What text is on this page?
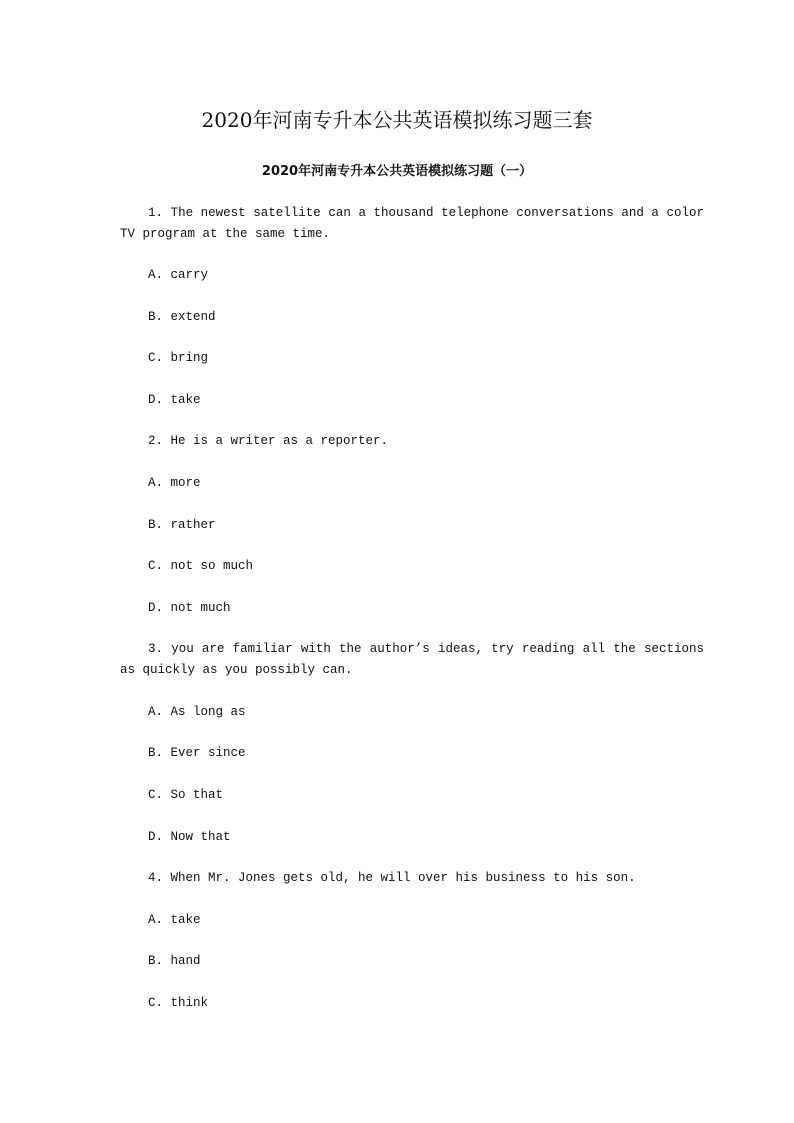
2020年河南专升本公共英语模拟练习题三套
2020年河南专升本公共英语模拟练习题（一）
1. The newest satellite can a thousand telephone conversations and a color
TV program at the same time.
A. carry
B. extend
C. bring
D. take
2. He is a writer as a reporter.
A. more
B. rather
C. not so much
D. not much
3. you are familiar with the author’s ideas, try reading all the sections
as quickly as you possibly can.
A. As long as
B. Ever since
C. So that
D. Now that
4. When Mr. Jones gets old, he will over his business to his son.
A. take
B. hand
C. think
